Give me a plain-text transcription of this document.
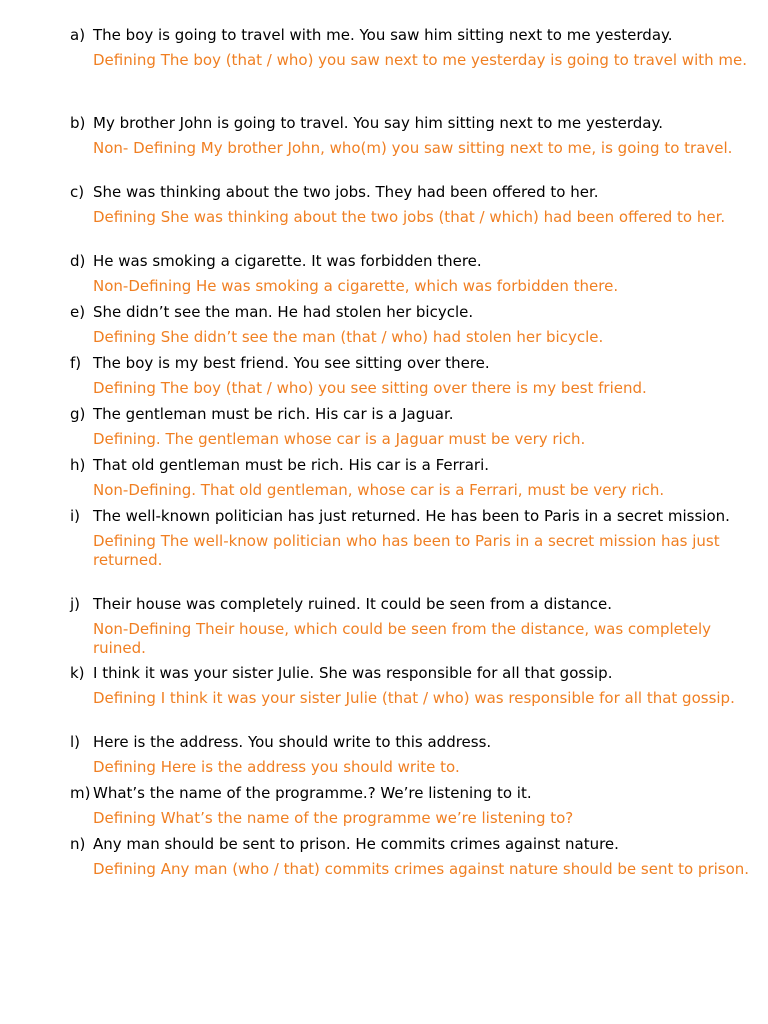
a) The boy is going to travel with me. You saw him sitting next to me yesterday.
Defining The boy (that / who) you saw next to me yesterday is going to travel with me.
b) My brother John is going to travel. You say him sitting next to me yesterday.
Non- Defining My brother John, who(m) you saw sitting next to me, is going to travel.
c) She was thinking about the two jobs. They had been offered to her.
Defining She was thinking about the two jobs (that / which) had been offered to her.
d) He was smoking a cigarette. It was forbidden there.
Non-Defining He was smoking a cigarette, which was forbidden there.
e) She didn’t see the man. He had stolen her bicycle.
Defining She didn’t see the man (that / who) had stolen her bicycle.
f) The boy is my best friend. You see sitting over there.
Defining The boy (that / who) you see sitting over there is my best friend.
g) The gentleman must be rich. His car is a Jaguar.
Defining. The gentleman whose car is a Jaguar must be very rich.
h) That old gentleman must be rich. His car is a Ferrari.
Non-Defining. That old gentleman, whose car is a Ferrari, must be very rich.
i) The well-known politician has just returned. He has been to Paris in a secret mission.
Defining The well-know politician who has been to Paris in a secret mission has just returned.
j) Their house was completely ruined. It could be seen from a distance.
Non-Defining Their house, which could be seen from the distance, was completely ruined.
k) I think it was your sister Julie. She was responsible for all that gossip.
Defining I think it was your sister Julie (that / who) was responsible for all that gossip.
l) Here is the address. You should write to this address.
Defining Here is the address you should write to.
m) What’s the name of the programme.? We’re listening to it.
Defining What’s the name of the programme we’re listening to?
n) Any man should be sent to prison. He commits crimes against nature.
Defining Any man (who / that) commits crimes against nature should be sent to prison.
